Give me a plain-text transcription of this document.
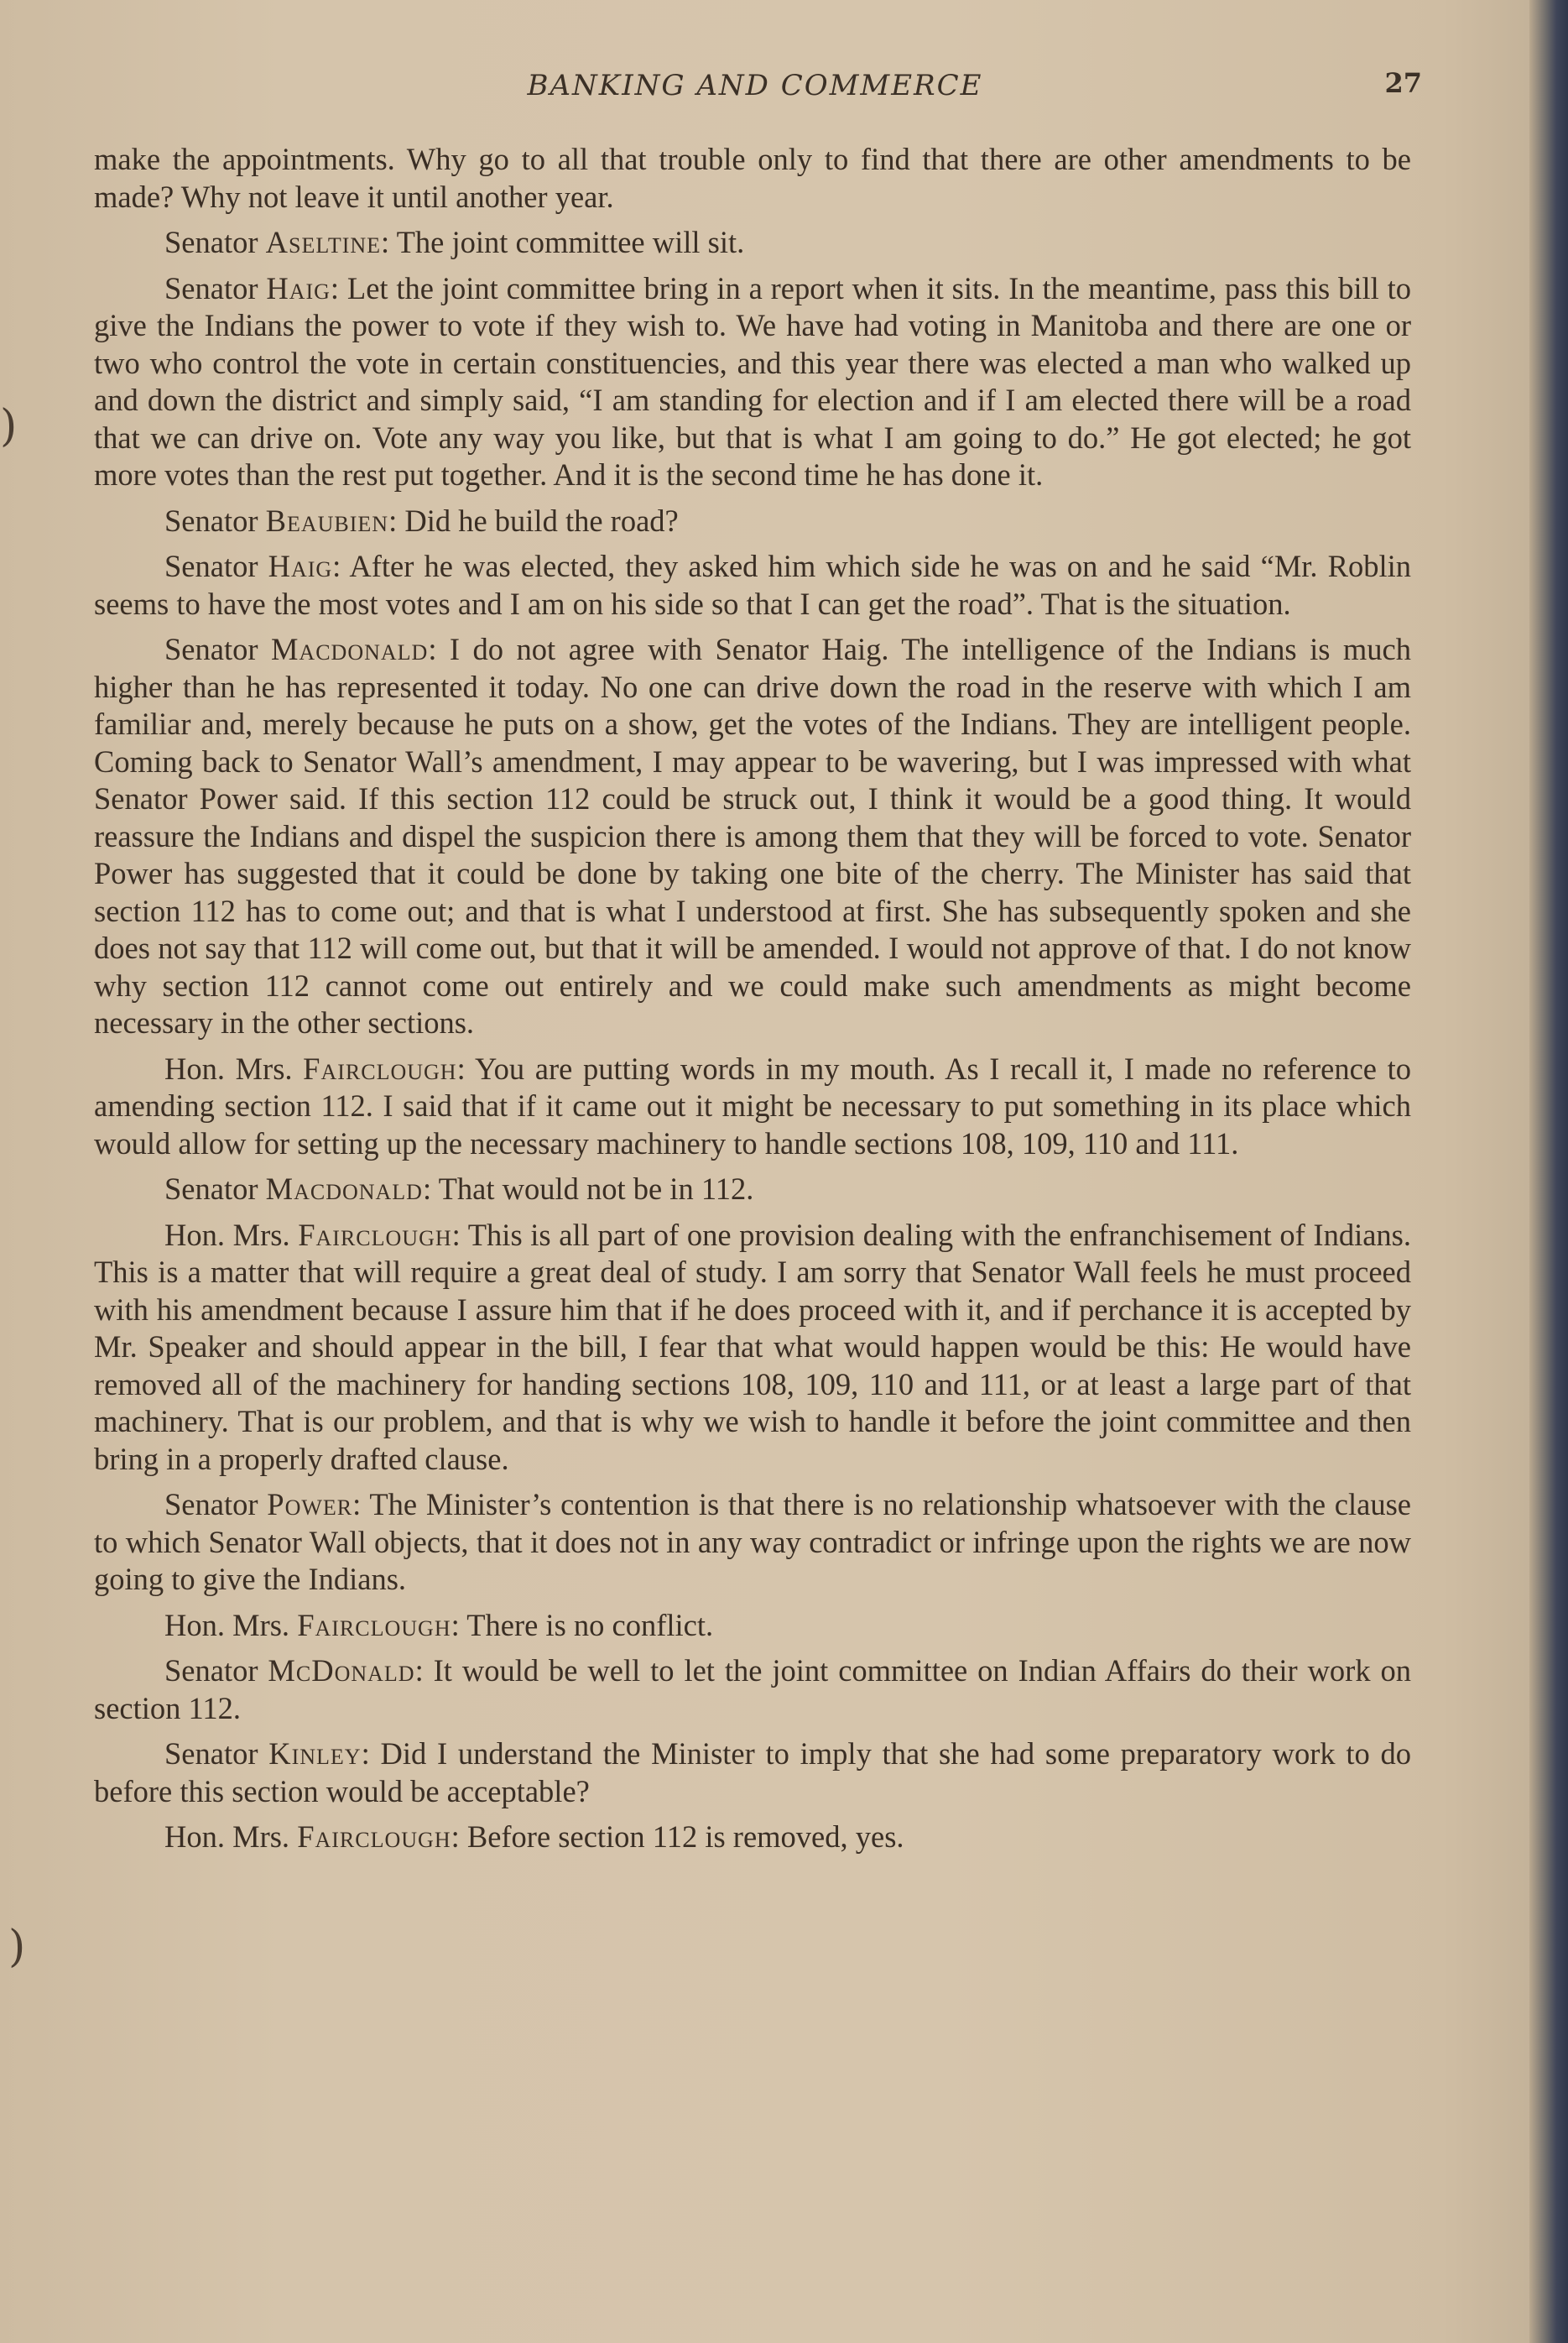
BANKING AND COMMERCE	27
)
)

make the appointments. Why go to all that trouble only to find that there are other amendments to be made? Why not leave it until another year.

Senator Aseltine: The joint committee will sit.

Senator Haig: Let the joint committee bring in a report when it sits. In the meantime, pass this bill to give the Indians the power to vote if they wish to. We have had voting in Manitoba and there are one or two who control the vote in certain constituencies, and this year there was elected a man who walked up and down the district and simply said, “I am standing for election and if I am elected there will be a road that we can drive on. Vote any way you like, but that is what I am going to do.” He got elected; he got more votes than the rest put together. And it is the second time he has done it.

Senator Beaubien: Did he build the road?

Senator Haig: After he was elected, they asked him which side he was on and he said “Mr. Roblin seems to have the most votes and I am on his side so that I can get the road”. That is the situation.

Senator Macdonald: I do not agree with Senator Haig. The intelligence of the Indians is much higher than he has represented it today. No one can drive down the road in the reserve with which I am familiar and, merely because he puts on a show, get the votes of the Indians. They are intelligent people. Coming back to Senator Wall’s amendment, I may appear to be wavering, but I was impressed with what Senator Power said. If this section 112 could be struck out, I think it would be a good thing. It would reassure the Indians and dispel the suspicion there is among them that they will be forced to vote. Senator Power has suggested that it could be done by taking one bite of the cherry. The Minister has said that section 112 has to come out; and that is what I understood at first. She has subsequently spoken and she does not say that 112 will come out, but that it will be amended. I would not approve of that. I do not know why section 112 cannot come out entirely and we could make such amendments as might become necessary in the other sections.

Hon. Mrs. Fairclough: You are putting words in my mouth. As I recall it, I made no reference to amending section 112. I said that if it came out it might be necessary to put something in its place which would allow for setting up the necessary machinery to handle sections 108, 109, 110 and 111.

Senator Macdonald: That would not be in 112.

Hon. Mrs. Fairclough: This is all part of one provision dealing with the enfranchisement of Indians. This is a matter that will require a great deal of study. I am sorry that Senator Wall feels he must proceed with his amendment because I assure him that if he does proceed with it, and if perchance it is accepted by Mr. Speaker and should appear in the bill, I fear that what would happen would be this: He would have removed all of the machinery for handing sections 108, 109, 110 and 111, or at least a large part of that machinery. That is our problem, and that is why we wish to handle it before the joint committee and then bring in a properly drafted clause.

Senator Power: The Minister’s contention is that there is no relationship whatsoever with the clause to which Senator Wall objects, that it does not in any way contradict or infringe upon the rights we are now going to give the Indians.

Hon. Mrs. Fairclough: There is no conflict.

Senator McDonald: It would be well to let the joint committee on Indian Affairs do their work on section 112.

Senator Kinley: Did I understand the Minister to imply that she had some preparatory work to do before this section would be acceptable?

Hon. Mrs. Fairclough: Before section 112 is removed, yes.
